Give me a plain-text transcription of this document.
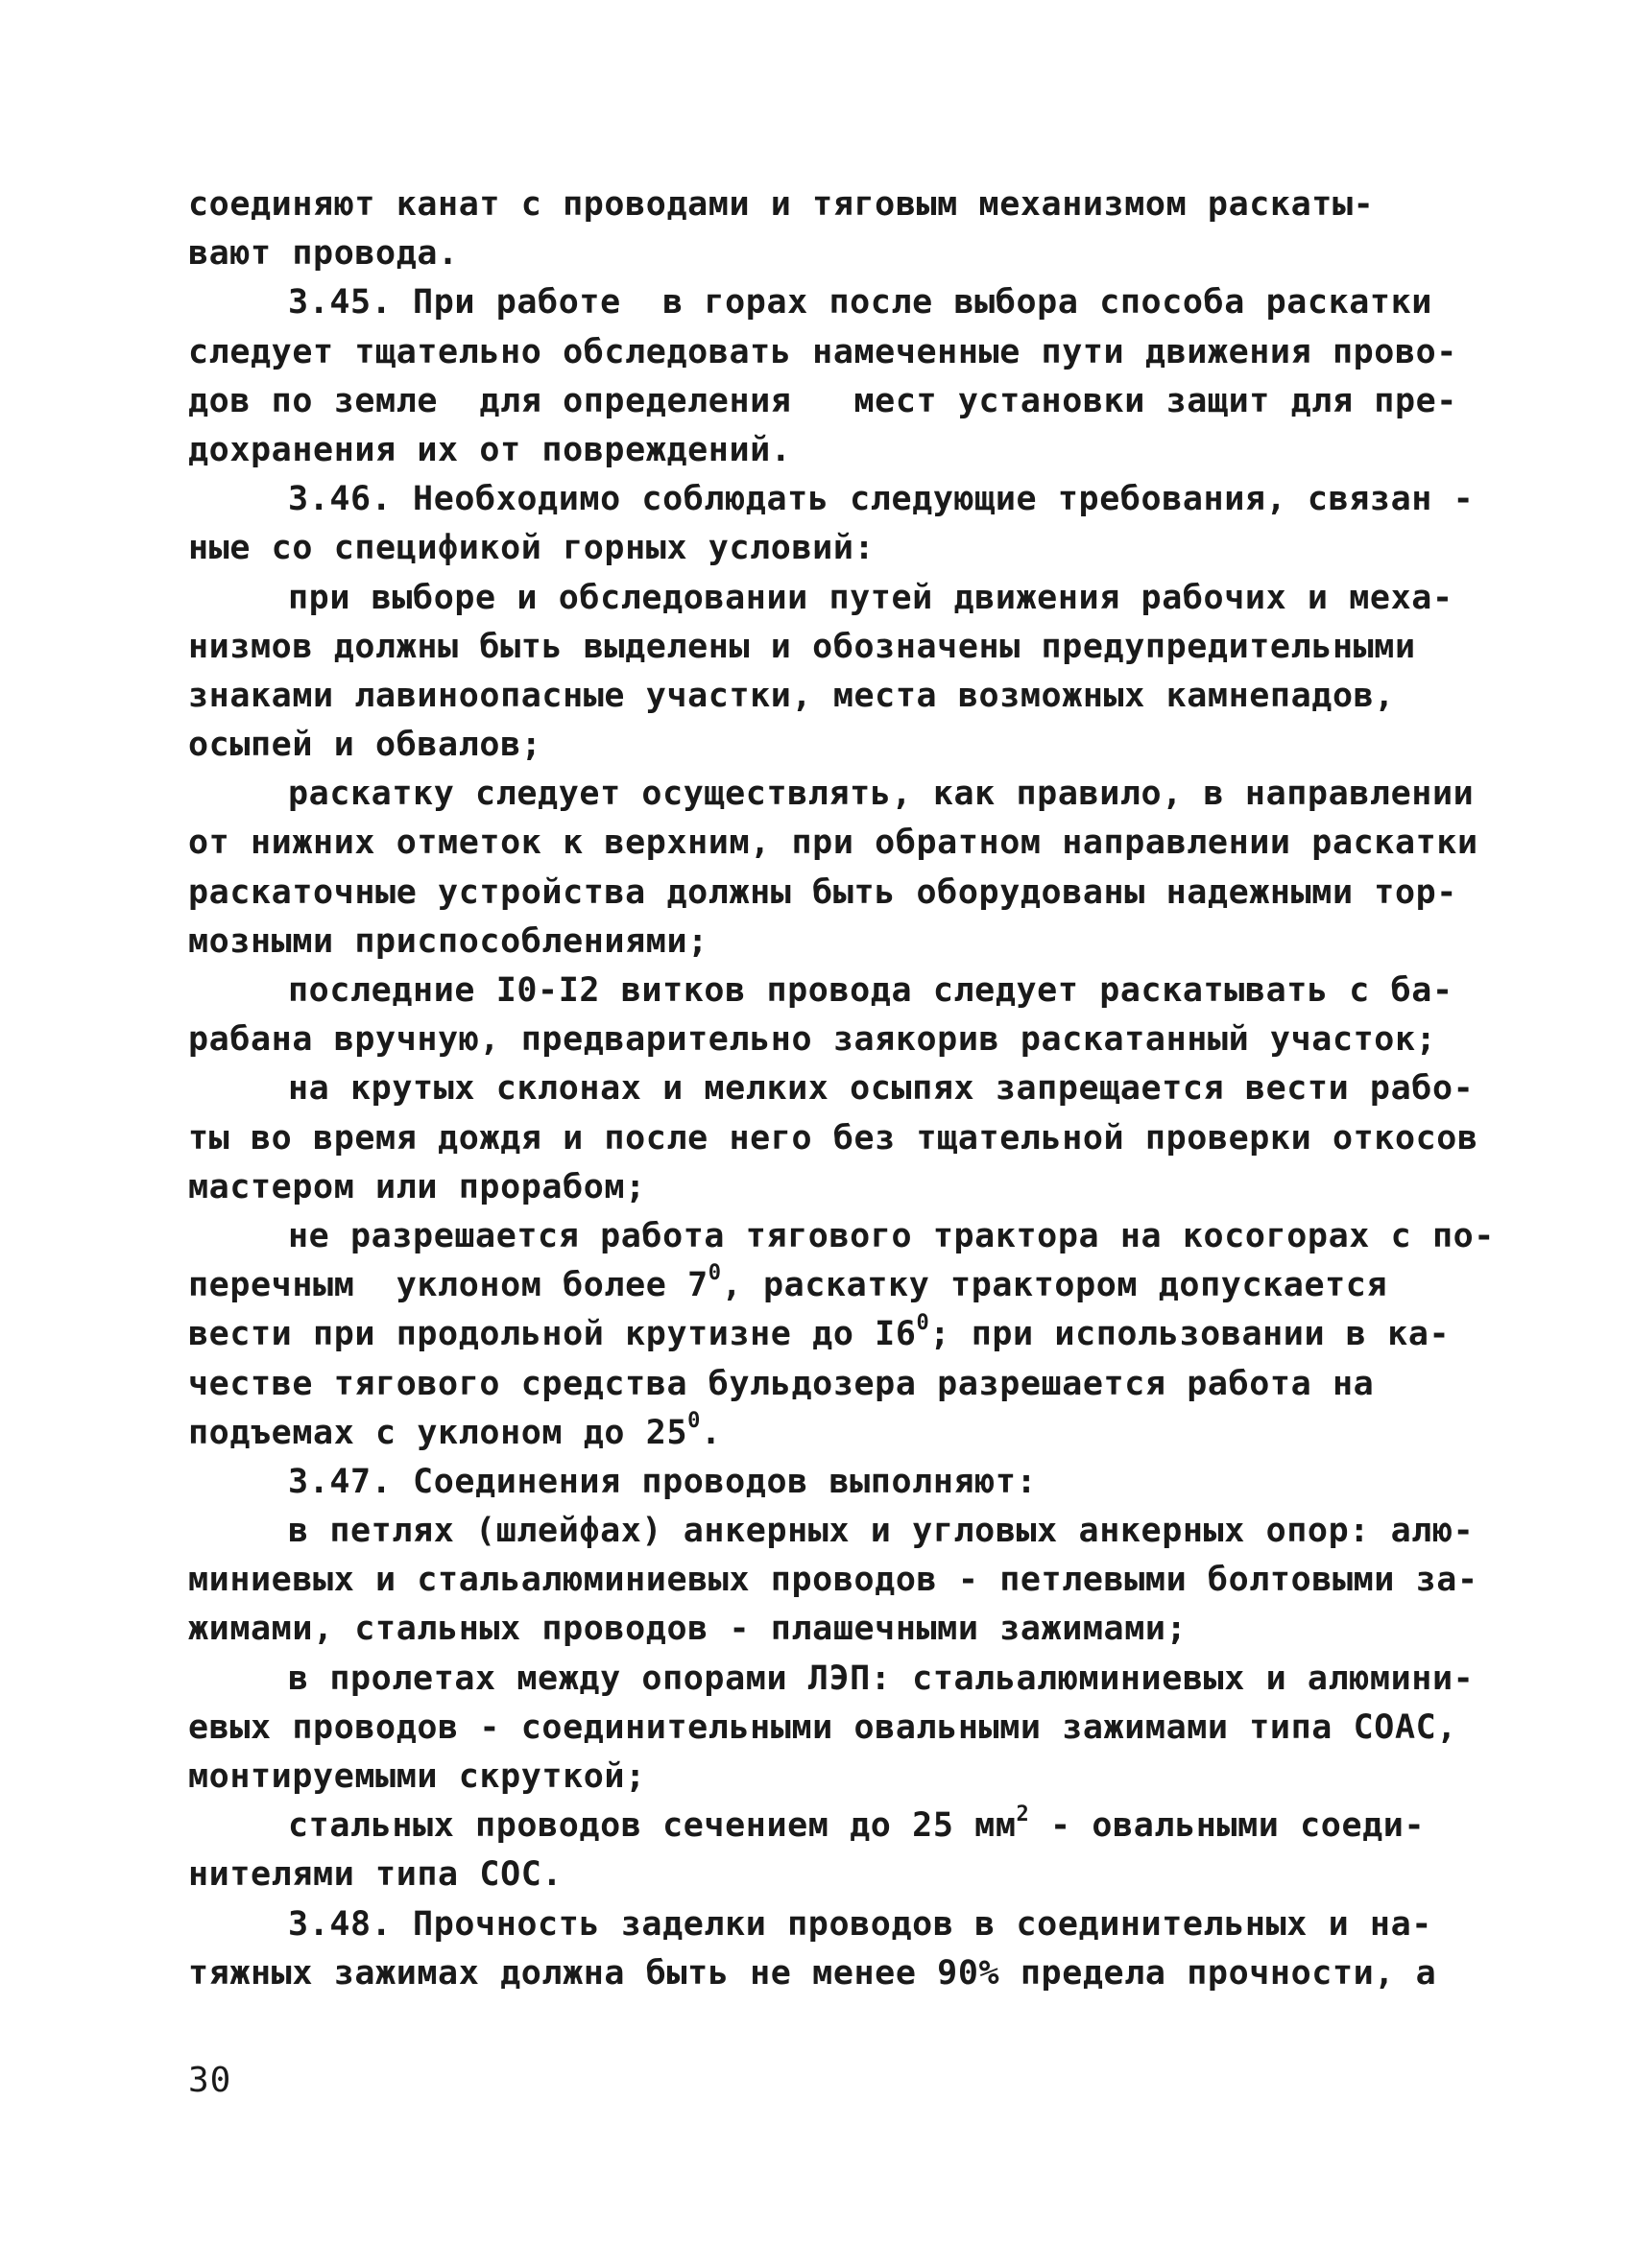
соединяют канат с проводами и тяговым механизмом раскаты-
вают провода.
3.45. При работе  в горах после выбора способа раскатки
следует тщательно обследовать намеченные пути движения прово-
дов по земле  для определения   мест установки защит для пре-
дохранения их от повреждений.
3.46. Необходимо соблюдать следующие требования, связан -
ные со спецификой горных условий:
при выборе и обследовании путей движения рабочих и меха-
низмов должны быть выделены и обозначены предупредительными
знаками лавиноопасные участки, места возможных камнепадов,
осыпей и обвалов;
раскатку следует осуществлять, как правило, в направлении
от нижних отметок к верхним, при обратном направлении раскатки
раскаточные устройства должны быть оборудованы надежными тор-
мозными приспособлениями;
последние I0-I2 витков провода следует раскатывать с ба-
рабана вручную, предварительно заякорив раскатанный участок;
на крутых склонах и мелких осыпях запрещается вести рабо-
ты во время дождя и после него без тщательной проверки откосов
мастером или прорабом;
не разрешается работа тягового трактора на косогорах с по-
перечным  уклоном более $7^0$, раскатку трактором допускается
вести при продольной крутизне до $I6^0$; при использовании в ка-
честве тягового средства бульдозера разрешается работа на
подъемах с уклоном до $25^0$.
3.47. Соединения проводов выполняют:
в петлях (шлейфах) анкерных и угловых анкерных опор: алю-
миниевых и стальалюминиевых проводов - петлевыми болтовыми за-
жимами, стальных проводов - плашечными зажимами;
в пролетах между опорами ЛЭП: стальалюминиевых и алюмини-
евых проводов - соединительными овальными зажимами типа СОАС,
монтируемыми скруткой;
стальных проводов сечением до 25 $мм^2$ - овальными соеди-
нителями типа СОС.
3.48. Прочность заделки проводов в соединительных и на-
тяжных зажимах должна быть не менее 90% предела прочности, а
30
